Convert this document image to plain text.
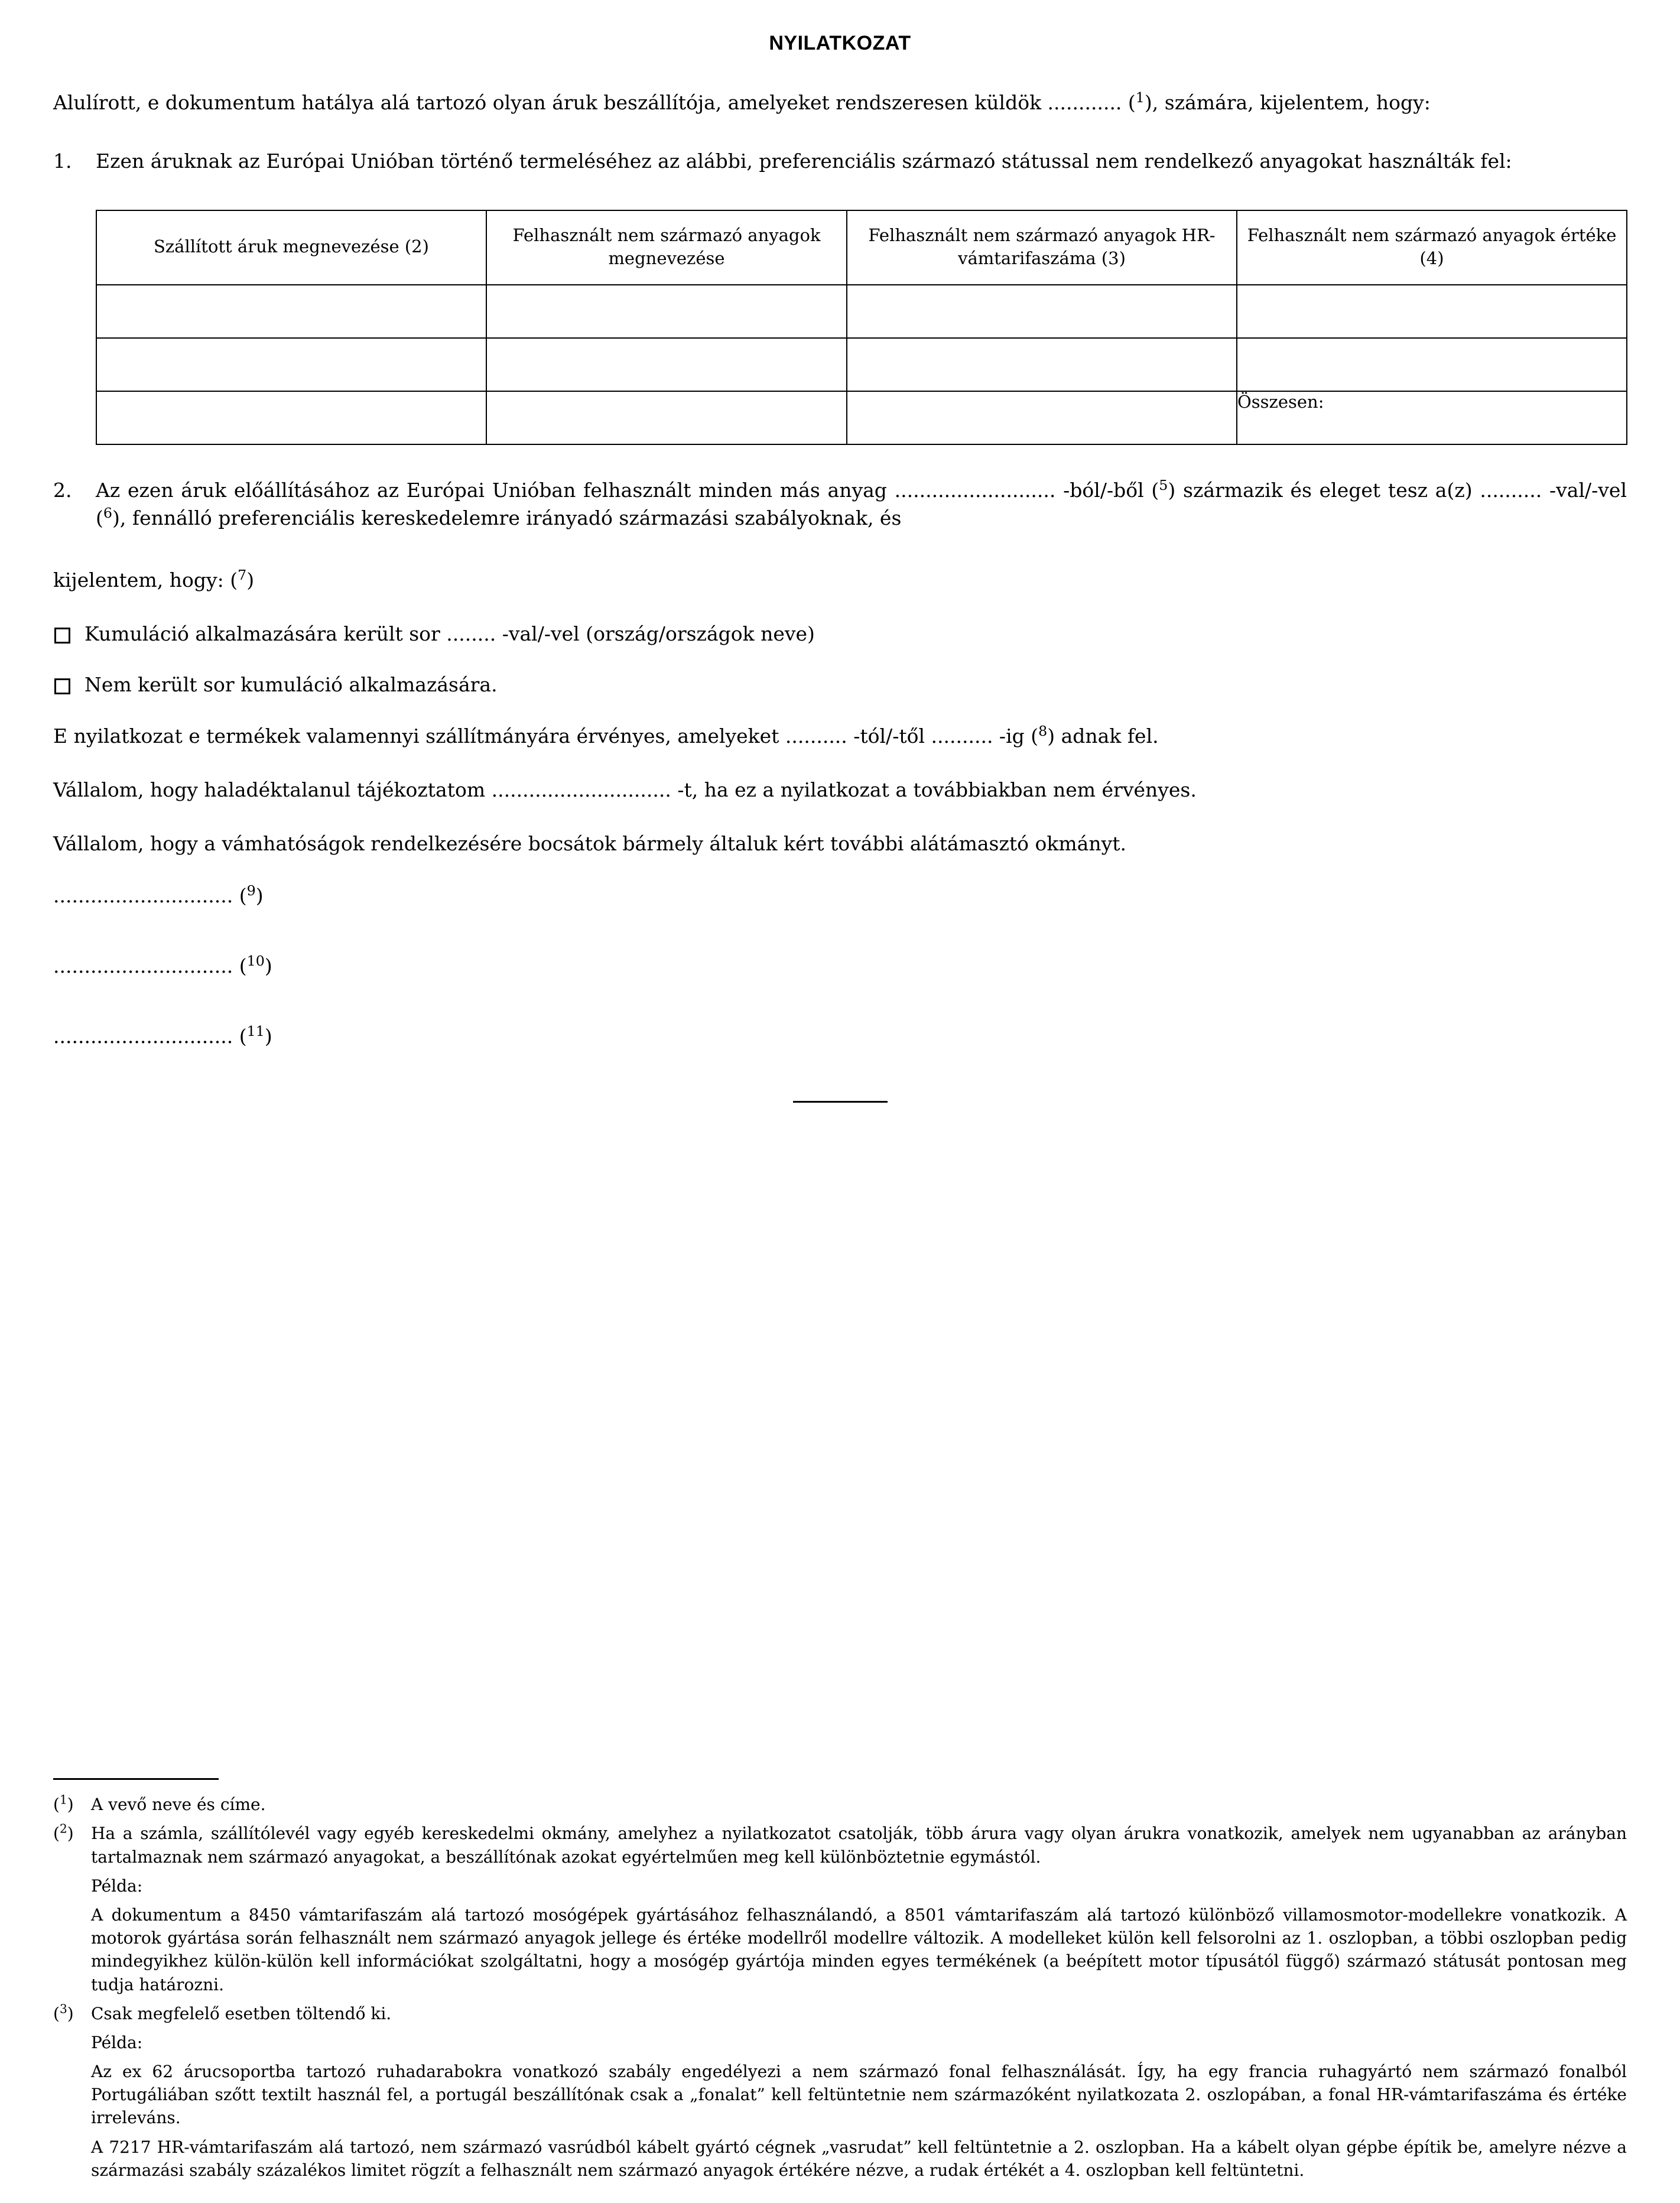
NYILATKOZAT

Alulírott, e dokumentum hatálya alá tartozó olyan áruk beszállítója, amelyeket rendszeresen küldök ............ ($^1$), számára, kijelentem, hogy:

1.	Ezen áruknak az Európai Unióban történő termeléséhez az alábbi, preferenciális származó státussal nem rendelkező anyagokat használták fel:
Szállított áruk megnevezése (2)	Felhasznált nem származó anyagok megnevezése	Felhasznált nem származó anyagok HR-vámtarifaszáma (3)	Felhasznált nem származó anyagok értéke (4)

			Összesen:
2.	Az ezen áruk előállításához az Európai Unióban felhasznált minden más anyag .......................... -ból/-ből ($^5$) származik és eleget tesz a(z) .......... -val/-vel ($^6$), fennálló preferenciális kereskedelemre irányadó származási szabályoknak, és

kijelentem, hogy: ($^7$)

Kumuláció alkalmazására került sor ........ -val/-vel (ország/országok neve)
Nem került sor kumuláció alkalmazására.

E nyilatkozat e termékek valamennyi szállítmányára érvényes, amelyeket .......... -tól/-től .......... -ig ($^8$) adnak fel.

Vállalom, hogy haladéktalanul tájékoztatom ............................. -t, ha ez a nyilatkozat a továbbiakban nem érvényes.

Vállalom, hogy a vámhatóságok rendelkezésére bocsátok bármely általuk kért további alátámasztó okmányt.

............................. ($^9$)
............................. ($^{10}$)
............................. ($^{11}$)
($^1$)	A vevő neve és címe.
($^2$)	Ha a számla, szállítólevél vagy egyéb kereskedelmi okmány, amelyhez a nyilatkozatot csatolják, több árura vagy olyan árukra vonatkozik, amelyek nem ugyanabban az arányban tartalmaznak nem származó anyagokat, a beszállítónak azokat egyértelműen meg kell különböztetnie egymástól.
Példa:
A dokumentum a 8450 vámtarifaszám alá tartozó mosógépek gyártásához felhasználandó, a 8501 vámtarifaszám alá tartozó különböző villamosmotor-modellekre vonatkozik. A motorok gyártása során felhasznált nem származó anyagok jellege és értéke modellről modellre változik. A modelleket külön kell felsorolni az 1. oszlopban, a többi oszlopban pedig mindegyikhez külön-külön kell információkat szolgáltatni, hogy a mosógép gyártója minden egyes termékének (a beépített motor típusától függő) származó státusát pontosan meg tudja határozni.
($^3$)	Csak megfelelő esetben töltendő ki.
Példa:
Az ex 62 árucsoportba tartozó ruhadarabokra vonatkozó szabály engedélyezi a nem származó fonal felhasználását. Így, ha egy francia ruhagyártó nem származó fonalból Portugáliában szőtt textilt használ fel, a portugál beszállítónak csak a „fonalat” kell feltüntetnie nem származóként nyilatkozata 2. oszlopában, a fonal HR-vámtarifaszáma és értéke irreleváns.
A 7217 HR-vámtarifaszám alá tartozó, nem származó vasrúdból kábelt gyártó cégnek „vasrudat” kell feltüntetnie a 2. oszlopban. Ha a kábelt olyan gépbe építik be, amelyre nézve a származási szabály százalékos limitet rögzít a felhasznált nem származó anyagok értékére nézve, a rudak értékét a 4. oszlopban kell feltüntetni.
